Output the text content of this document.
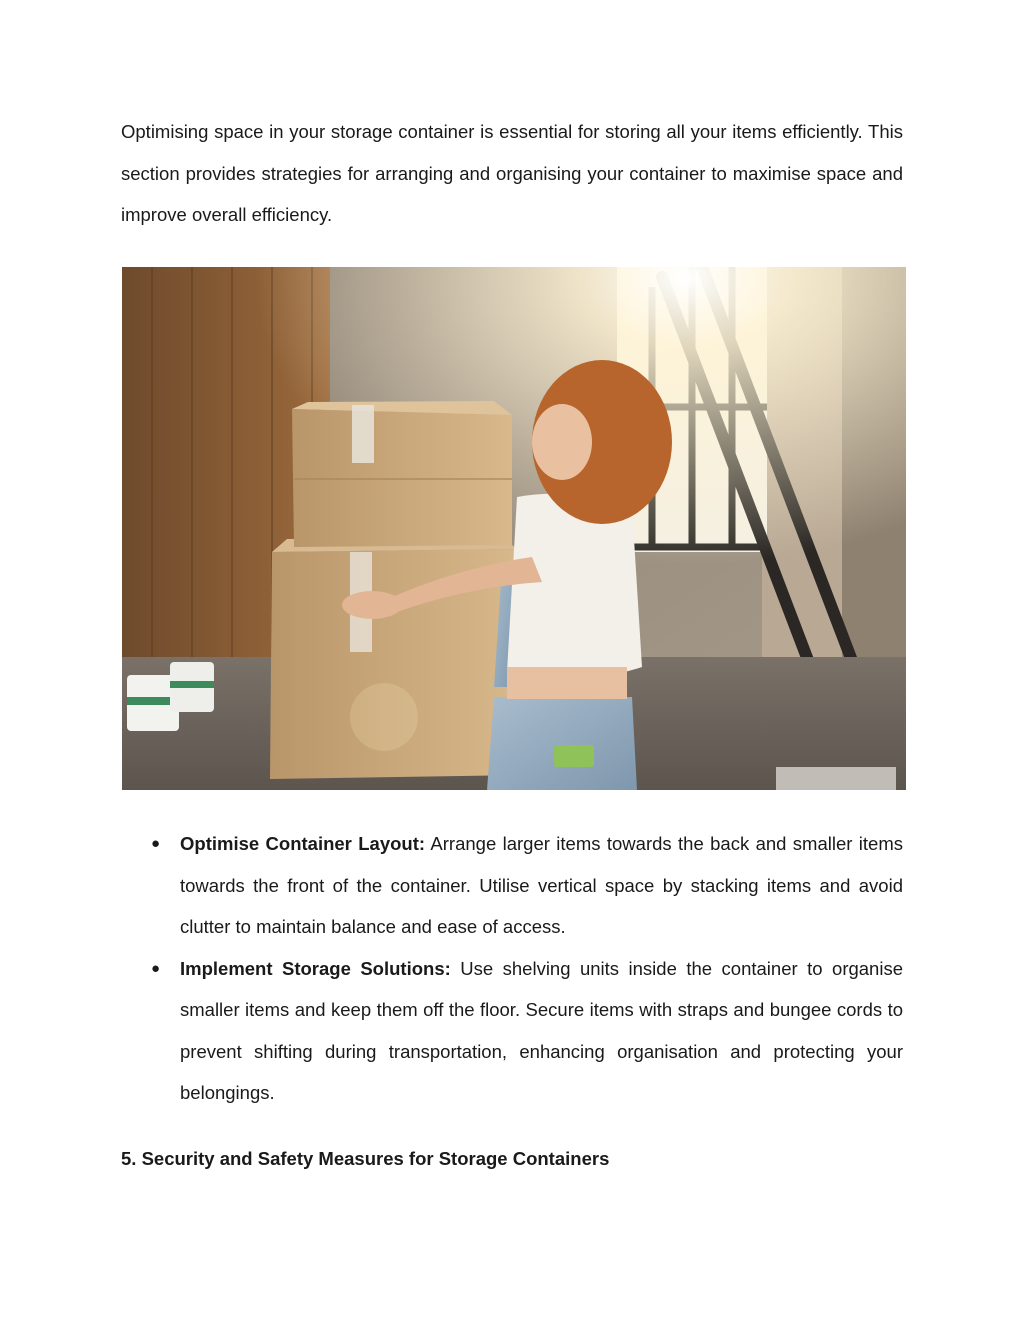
Optimising space in your storage container is essential for storing all your items efficiently. This section provides strategies for arranging and organising your container to maximise space and improve overall efficiency.

● Optimise Container Layout: Arrange larger items towards the back and smaller items towards the front of the container. Utilise vertical space by stacking items and avoid clutter to maintain balance and ease of access.
● Implement Storage Solutions: Use shelving units inside the container to organise smaller items and keep them off the floor. Secure items with straps and bungee cords to prevent shifting during transportation, enhancing organisation and protecting your belongings.
5. Security and Safety Measures for Storage Containers
